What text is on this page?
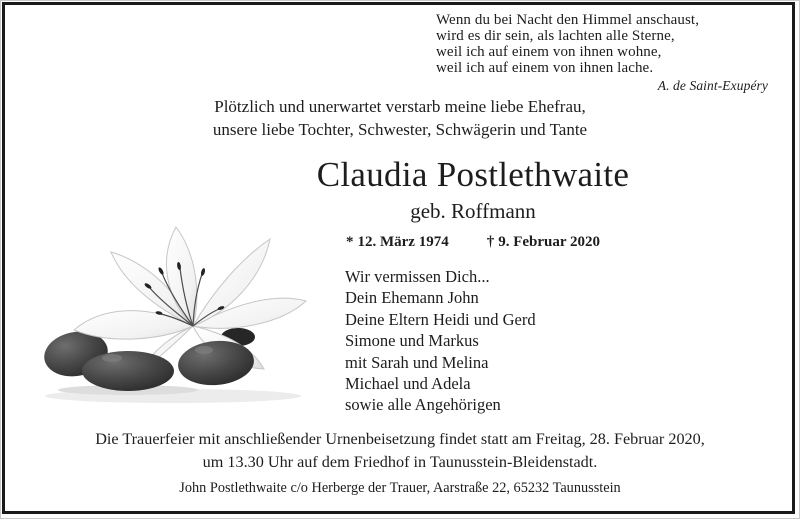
Wenn du bei Nacht den Himmel anschaust,
wird es dir sein, als lachten alle Sterne,
weil ich auf einem von ihnen wohne,
weil ich auf einem von ihnen lache.
A. de Saint-Exupéry
Plötzlich und unerwartet verstarb meine liebe Ehefrau,
unsere liebe Tochter, Schwester, Schwägerin und Tante
Claudia Postlethwaite
geb. Roffmann
* 12. März 1974	† 9. Februar 2020
Wir vermissen Dich...
Dein Ehemann John
Deine Eltern Heidi und Gerd
Simone und Markus
mit Sarah und Melina
Michael und Adela
sowie alle Angehörigen
Die Trauerfeier mit anschließender Urnenbeisetzung findet statt am Freitag, 28. Februar 2020,
um 13.30 Uhr auf dem Friedhof in Taunusstein-Bleidenstadt.
John Postlethwaite c/o Herberge der Trauer, Aarstraße 22, 65232 Taunusstein
